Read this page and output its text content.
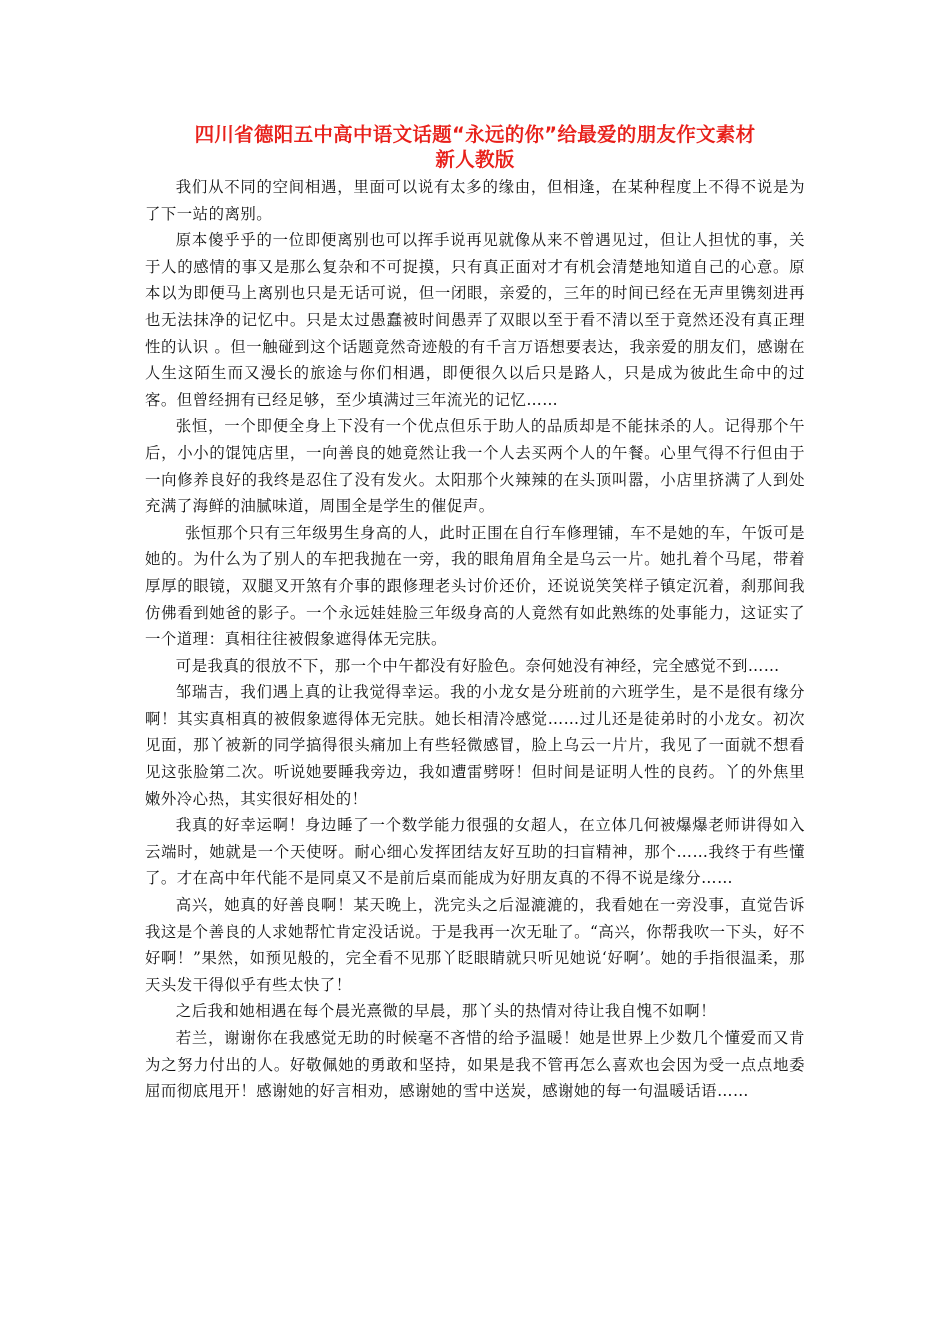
四川省德阳五中高中语文话题“永远的你”给最爱的朋友作文素材
新人教版

我们从不同的空间相遇，里面可以说有太多的缘由，但相逢，在某种程度上不得不说是为了下一站的离别。

原本傻乎乎的一位即便离别也可以挥手说再见就像从来不曾遇见过，但让人担忧的事，关于人的感情的事又是那么复杂和不可捉摸，只有真正面对才有机会清楚地知道自己的心意。原本以为即便马上离别也只是无话可说，但一闭眼，亲爱的，三年的时间已经在无声里镌刻进再也无法抹净的记忆中。只是太过愚蠢被时间愚弄了双眼以至于看不清以至于竟然还没有真正理性的认识 。但一触碰到这个话题竟然奇迹般的有千言万语想要表达，我亲爱的朋友们，感谢在人生这陌生而又漫长的旅途与你们相遇，即便很久以后只是路人，只是成为彼此生命中的过客。但曾经拥有已经足够，至少填满过三年流光的记忆……

张恒，一个即便全身上下没有一个优点但乐于助人的品质却是不能抹杀的人。记得那个午后，小小的馄饨店里，一向善良的她竟然让我一个人去买两个人的午餐。心里气得不行但由于一向修养良好的我终是忍住了没有发火。太阳那个火辣辣的在头顶叫嚣，小店里挤满了人到处充满了海鲜的油腻味道，周围全是学生的催促声。

张恒那个只有三年级男生身高的人，此时正围在自行车修理铺，车不是她的车，午饭可是她的。为什么为了别人的车把我抛在一旁，我的眼角眉角全是乌云一片。她扎着个马尾，带着厚厚的眼镜，双腿叉开煞有介事的跟修理老头讨价还价，还说说笑笑样子镇定沉着，刹那间我仿佛看到她爸的影子。一个永远娃娃脸三年级身高的人竟然有如此熟练的处事能力，这证实了一个道理：真相往往被假象遮得体无完肤。

可是我真的很放不下，那一个中午都没有好脸色。奈何她没有神经，完全感觉不到……

邹瑞吉，我们遇上真的让我觉得幸运。我的小龙女是分班前的六班学生，是不是很有缘分啊！其实真相真的被假象遮得体无完肤。她长相清冷感觉……过儿还是徒弟时的小龙女。初次见面，那丫被新的同学搞得很头痛加上有些轻微感冒，脸上乌云一片片，我见了一面就不想看见这张脸第二次。听说她要睡我旁边，我如遭雷劈呀！但时间是证明人性的良药。丫的外焦里嫩外冷心热，其实很好相处的！

我真的好幸运啊！身边睡了一个数学能力很强的女超人，在立体几何被爆爆老师讲得如入云端时，她就是一个天使呀。耐心细心发挥团结友好互助的扫盲精神，那个……我终于有些懂了。才在高中年代能不是同桌又不是前后桌而能成为好朋友真的不得不说是缘分……

高兴，她真的好善良啊！某天晚上，洗完头之后湿漉漉的，我看她在一旁没事，直觉告诉我这是个善良的人求她帮忙肯定没话说。于是我再一次无耻了。“高兴，你帮我吹一下头，好不好啊！”果然，如预见般的，完全看不见那丫眨眼睛就只听见她说‘好啊’。她的手指很温柔，那天头发干得似乎有些太快了！

之后我和她相遇在每个晨光熹微的早晨，那丫头的热情对待让我自愧不如啊！

若兰，谢谢你在我感觉无助的时候毫不吝惜的给予温暖！她是世界上少数几个懂爱而又肯为之努力付出的人。好敬佩她的勇敢和坚持，如果是我不管再怎么喜欢也会因为受一点点地委屈而彻底甩开！感谢她的好言相劝，感谢她的雪中送炭，感谢她的每一句温暖话语……
